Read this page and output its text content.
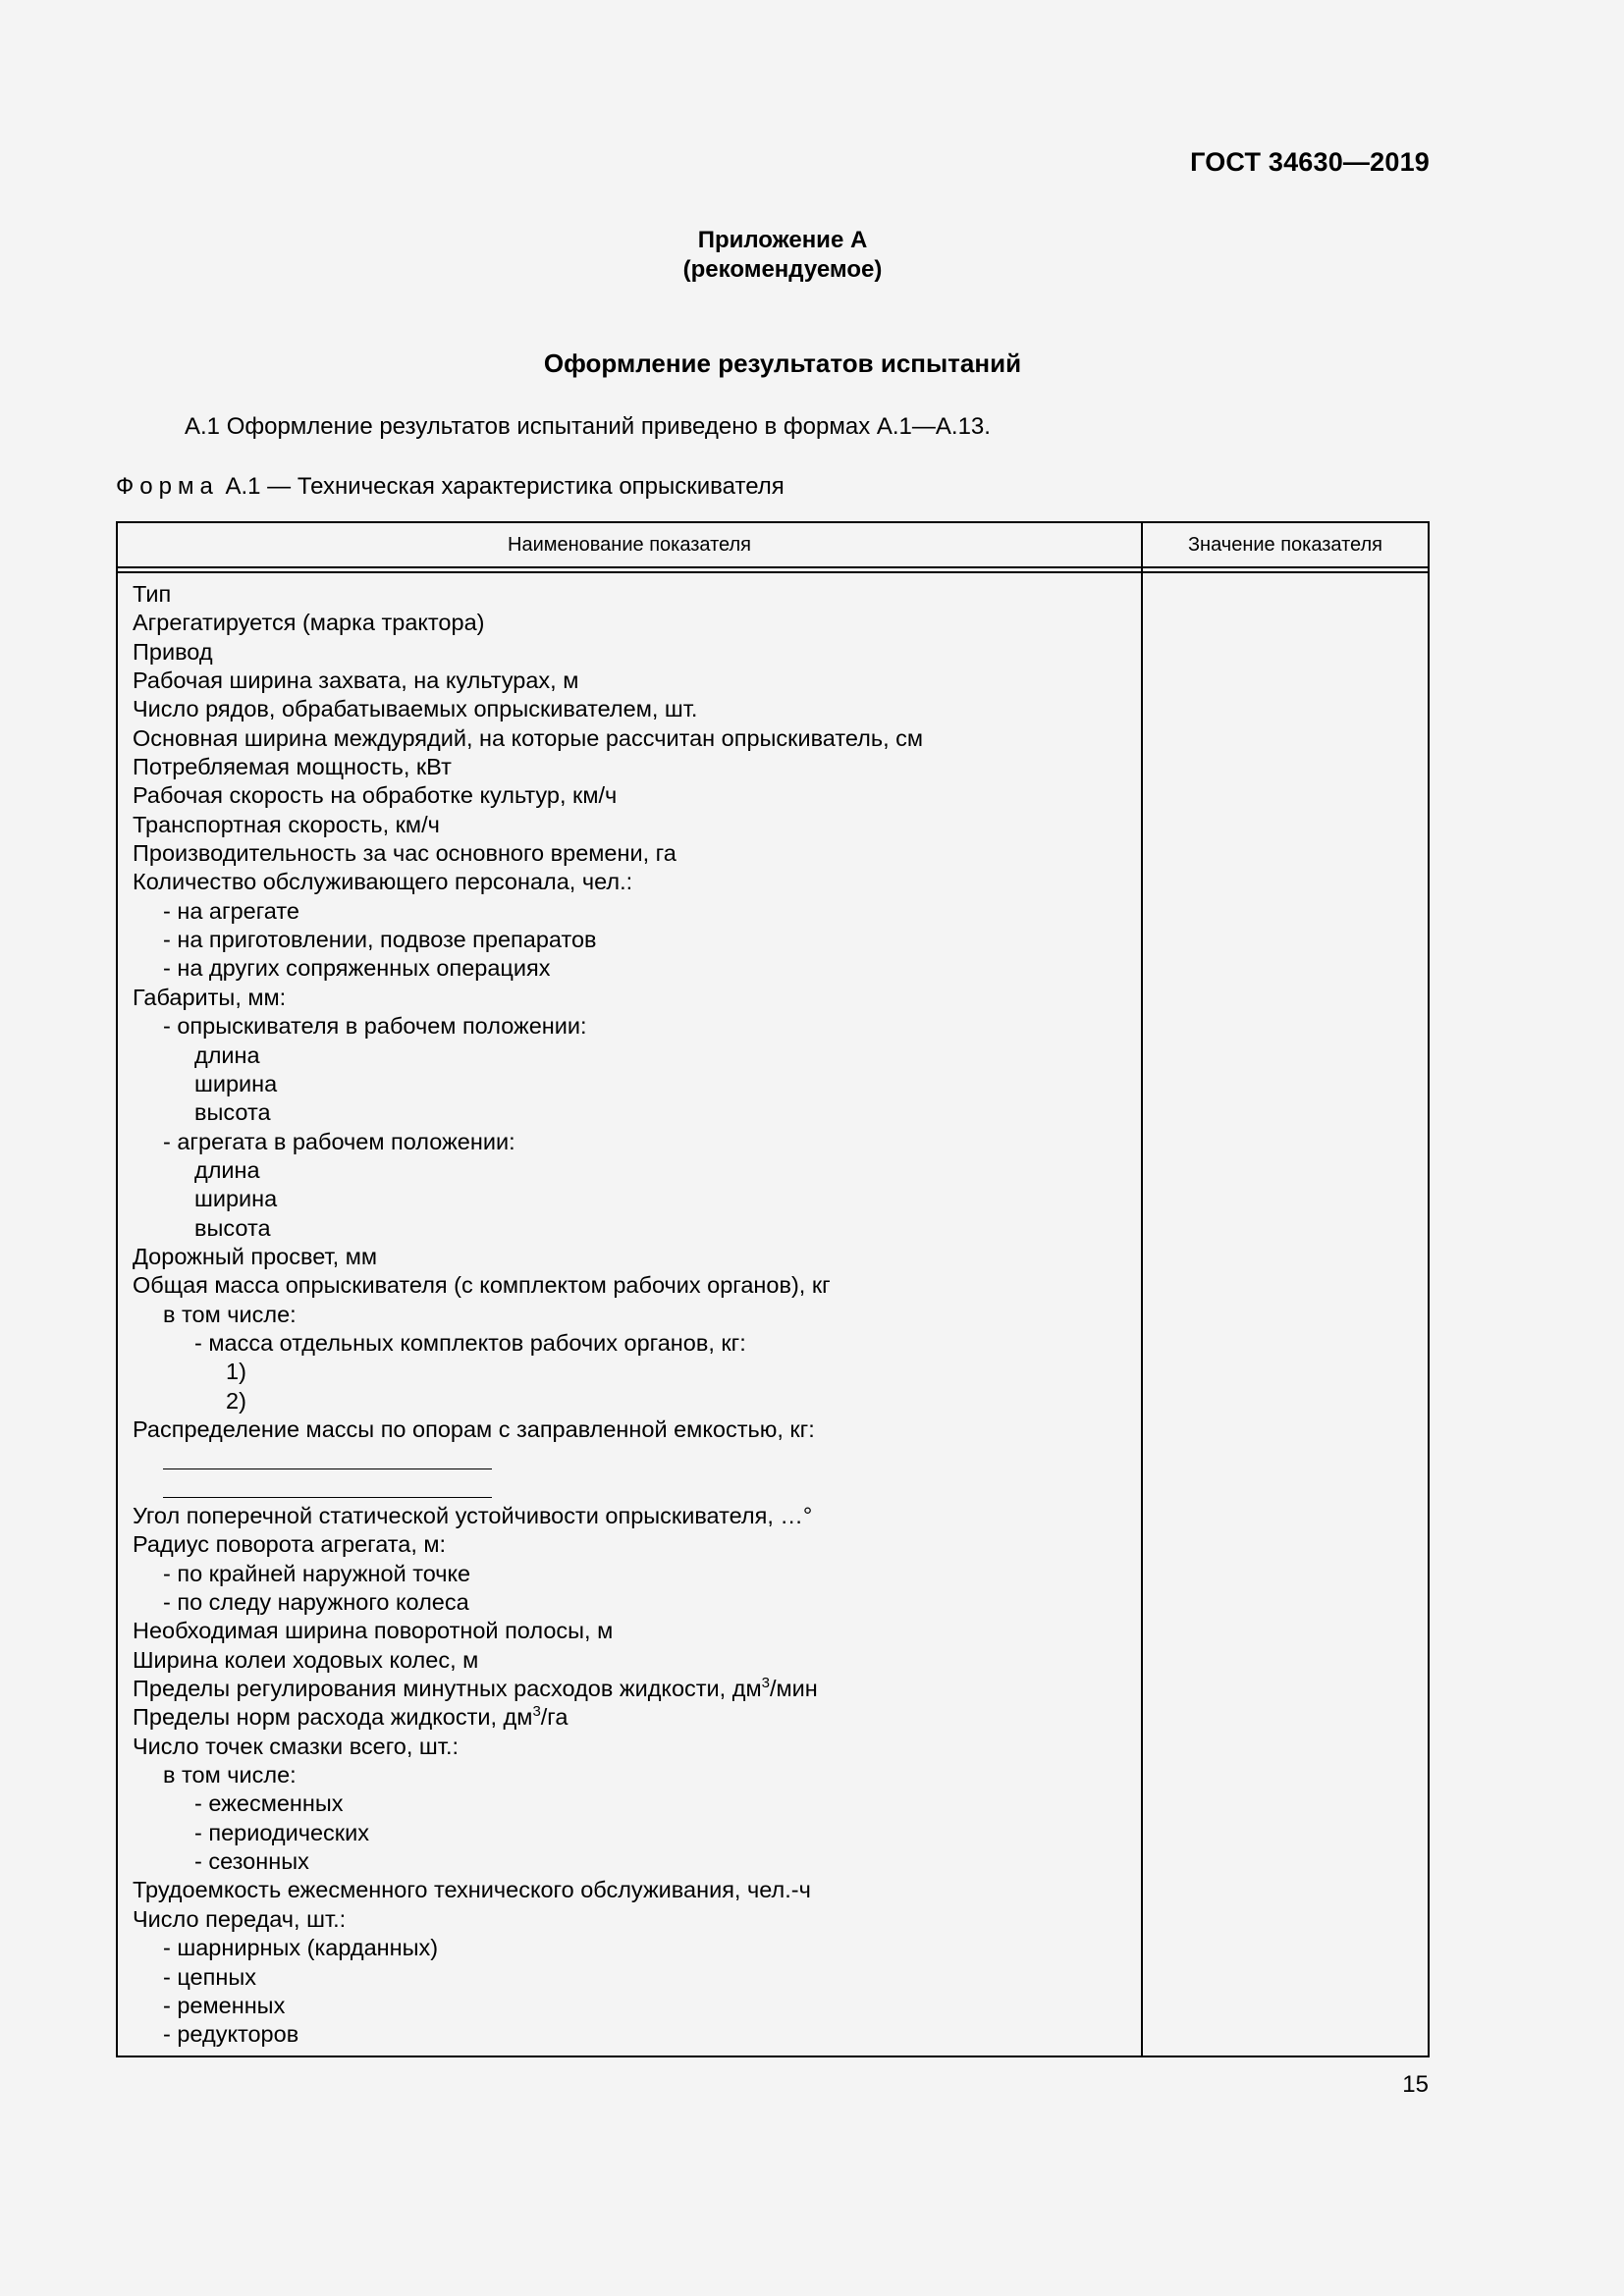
ГОСТ 34630—2019
Приложение А
(рекомендуемое)
Оформление результатов испытаний
А.1 Оформление результатов испытаний приведено в формах А.1—А.13.
Форма А.1 — Техническая характеристика опрыскивателя
Наименование показателя	Значение показателя
Тип
Агрегатируется (марка трактора)
Привод
Рабочая ширина захвата, на культурах, м
Число рядов, обрабатываемых опрыскивателем, шт.
Основная ширина междурядий, на которые рассчитан опрыскиватель, см
Потребляемая мощность, кВт
Рабочая скорость на обработке культур, км/ч
Транспортная скорость, км/ч
Производительность за час основного времени, га
Количество обслуживающего персонала, чел.:
- на агрегате
- на приготовлении, подвозе препаратов
- на других сопряженных операциях
Габариты, мм:
- опрыскивателя в рабочем положении:
длина
ширина
высота
- агрегата в рабочем положении:
длина
ширина
высота
Дорожный просвет, мм
Общая масса опрыскивателя (с комплектом рабочих органов), кг
в том числе:
- масса отдельных комплектов рабочих органов, кг:
1)
2)
Распределение массы по опорам с заправленной емкостью, кг:
Угол поперечной статической устойчивости опрыскивателя, …°
Радиус поворота агрегата, м:
- по крайней наружной точке
- по следу наружного колеса
Необходимая ширина поворотной полосы, м
Ширина колеи ходовых колес, м
Пределы регулирования минутных расходов жидкости, $дм^3$/мин
Пределы норм расхода жидкости, $дм^3/га$
Число точек смазки всего, шт.:
в том числе:
- ежесменных
- периодических
- сезонных
Трудоемкость ежесменного технического обслуживания, чел.-ч
Число передач, шт.:
- шарнирных (карданных)
- цепных
- ременных
- редукторов
15
